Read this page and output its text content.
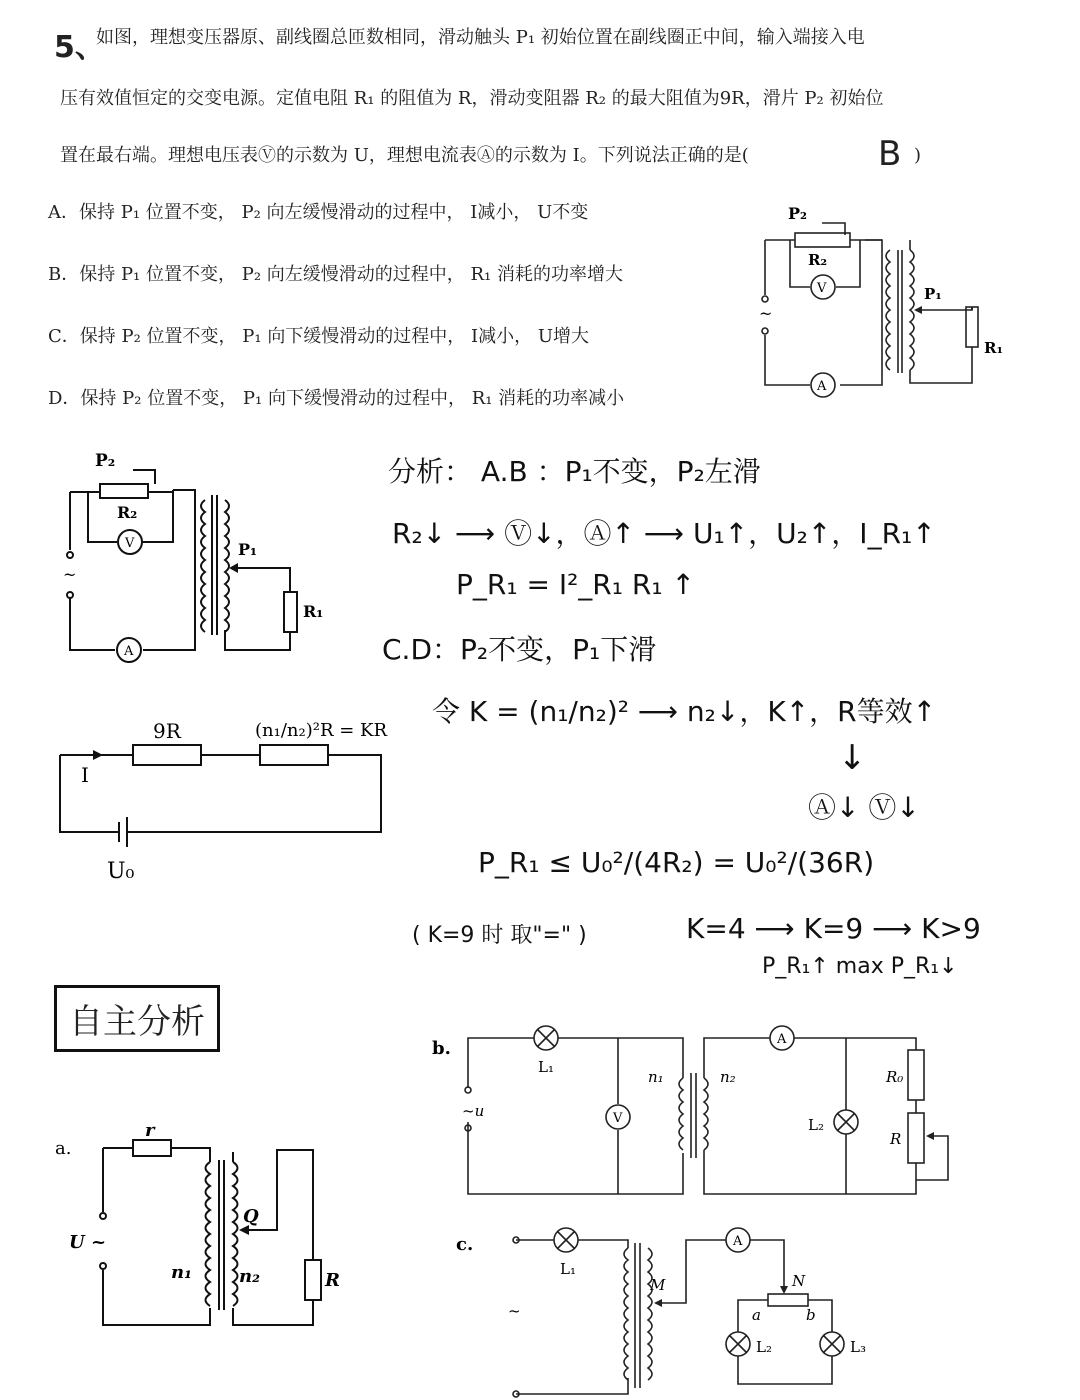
5、
如图，理想变压器原、副线圈总匝数相同，滑动触头 P₁ 初始位置在副线圈正中间，输入端接入电
压有效值恒定的交变电源。定值电阻 R₁ 的阻值为 R，滑动变阻器 R₂ 的最大阻值为9R，滑片 P₂ 初始位
置在最右端。理想电压表Ⓥ的示数为 U，理想电流表Ⓐ的示数为 I。下列说法正确的是(	B )
A．保持 P₁ 位置不变， P₂ 向左缓慢滑动的过程中， I减小， U不变
B．保持 P₁ 位置不变， P₂ 向左缓慢滑动的过程中， R₁ 消耗的功率增大
C．保持 P₂ 位置不变， P₁ 向下缓慢滑动的过程中， I减小， U增大
D．保持 P₂ 位置不变， P₁ 向下缓慢滑动的过程中， R₁ 消耗的功率减小
P₂
R₂
P₁
R₁
V
A
~
P₂
R₂
P₁
R₁
V
A
~
分析： A.B ：P₁不变，P₂左滑
R₂↓ ⟶ Ⓥ↓，Ⓐ↑ ⟶ U₁↑，U₂↑，I_R₁↑
P_R₁ = I²_R₁ R₁ ↑
C.D：P₂不变，P₁下滑
令 K = (n₁/n₂)² ⟶ n₂↓，K↑，R等效↑
↓
Ⓐ↓ Ⓥ↓
P_R₁ ≤ U₀²/(4R₂) = U₀²/(36R)
( K=9 时 取"=" )	K=4 ⟶ K=9 ⟶ K>9
P_R₁↑ max P_R₁↓
9R	(n₁/n₂)²R = KR
I
U₀
自主分析
a.
r
U ~
Q
n₁	n₂	R
b.
L₁
n₁	n₂
V
A
~u
L₂
R₀
R
c.
L₁
A
M	N
a	b
L₂	L₃
~
